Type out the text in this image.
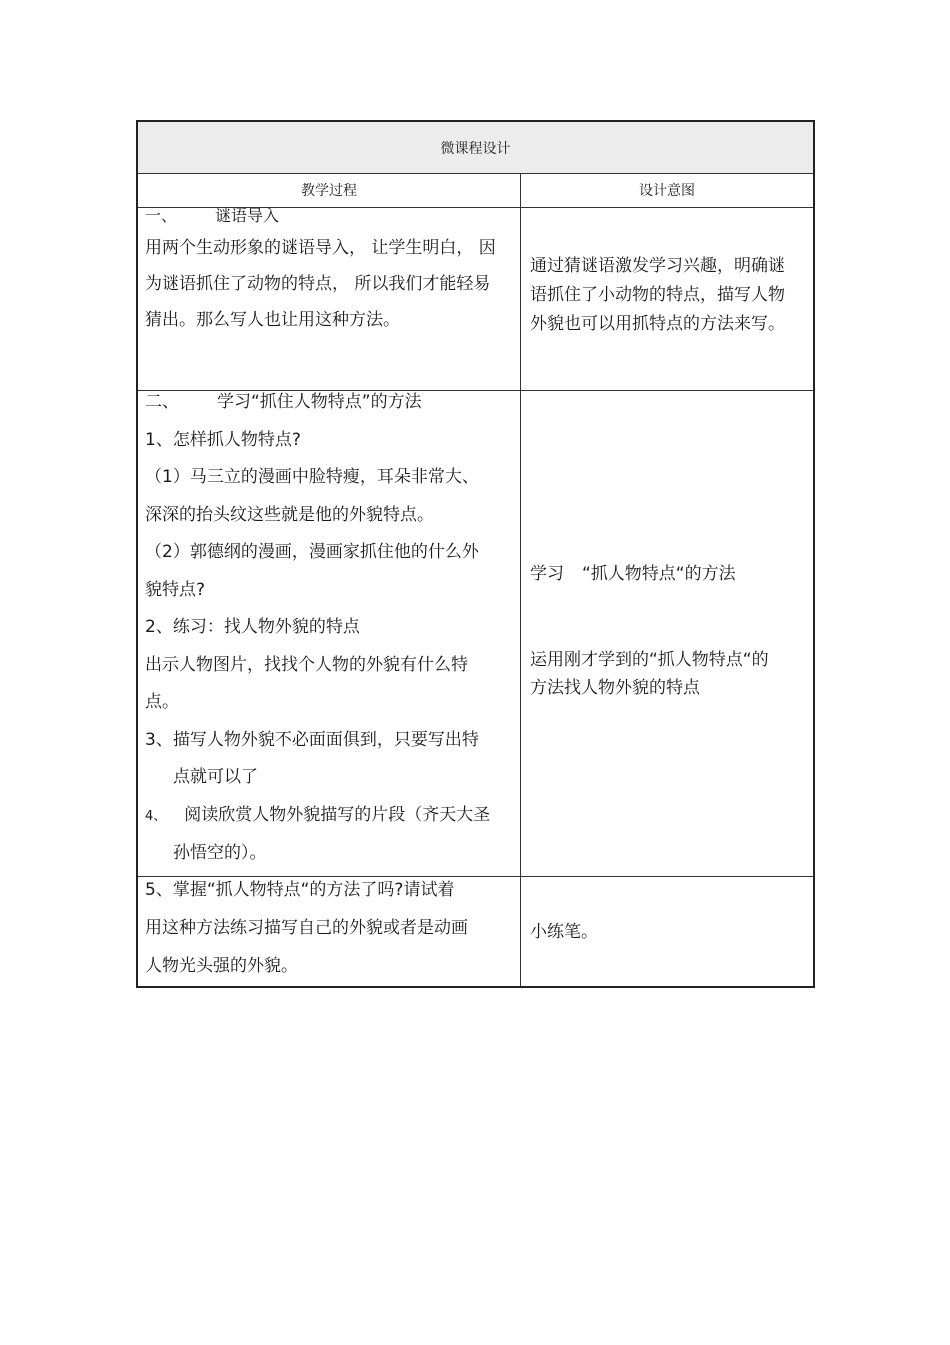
微课程设计
教学过程	设计意图

一、 谜语导入

用两个生动形象的谜语导入， 让学生明白， 因

为谜语抓住了动物的特点， 所以我们才能轻易

猜出。那么写人也让用这种方法。

通过猜谜语激发学习兴趣，明确谜

语抓住了小动物的特点，描写人物

外貌也可以用抓特点的方法来写。

二、 学习“抓住人物特点”的方法

1、怎样抓人物特点?

（1）马三立的漫画中脸特瘦，耳朵非常大、

深深的抬头纹这些就是他的外貌特点。

（2）郭德纲的漫画，漫画家抓住他的什么外

貌特点?

2、练习：找人物外貌的特点

出示人物图片，找找个人物的外貌有什么特

点。

3、描写人物外貌不必面面俱到，只要写出特

点就可以了

4、 阅读欣赏人物外貌描写的片段（齐天大圣

孙悟空的）。

学习 “抓人物特点“的方法

运用刚才学到的“抓人物特点“的

方法找人物外貌的特点

5、掌握“抓人物特点“的方法了吗?请试着

用这种方法练习描写自己的外貌或者是动画

人物光头强的外貌。

小练笔。
